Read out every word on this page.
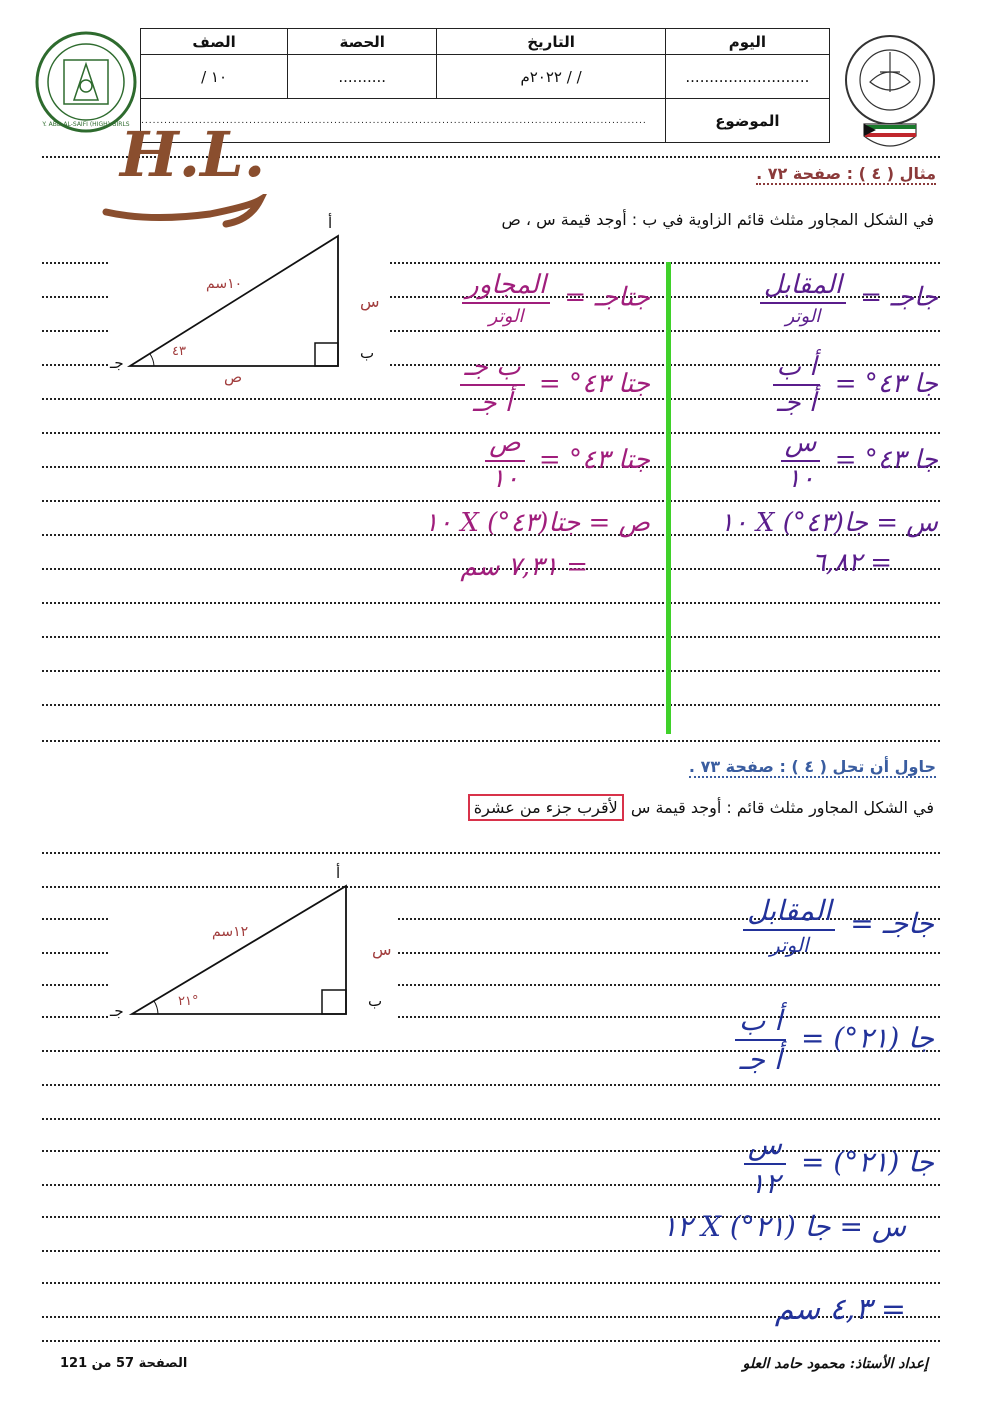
Y. ABD AL-SAIFI (HIGH) GIRLS
اليوم	التاريخ	الحصة	الصف
..........................	/ / ٢٠٢٢م	..........	١٠ /
الموضوع	...................................................................................................................................		
H.L.	مثال ( ٤ ) : صفحة ٧٢ .
في الشكل المجاور مثلث قائم الزاوية في ب : أوجد قيمة س ، ص
أ
ب
جـ
١٠سم
س
ص
٤٣
جاجـ =
$\frac{\text{المقابل}}{\text{الوتر}}$
جا ٤٣° =
$\frac{\text{أ ب}}{\text{أ جـ}}$
جا ٤٣° =
$\frac{\text{س}}{١٠}$
س = جا(٤٣°) X ١٠
= ٦,٨٢
جتاجـ =
$\frac{\text{المجاور}}{\text{الوتر}}$
جتا ٤٣° =
$\frac{\text{ب جـ}}{\text{أ جـ}}$
جتا ٤٣° =
$\frac{\text{ص}}{١٠}$
ص = جتا(٤٣°) X ١٠
= ٧,٣١ سم
حاول أن تحل ( ٤ ) : صفحة ٧٣ .
في الشكل المجاور مثلث قائم : أوجد قيمة س لأقرب جزء من عشرة
أ
ب
جـ
١٢سم
س
٢١°
جاجـ =
$\frac{\text{المقابل}}{\text{الوتر}}$
جا (٢١°) =
$\frac{\text{أ ب}}{\text{أ جـ}}$
جا (٢١°) =
$\frac{\text{س}}{١٢}$
س = جا (٢١°) X ١٢
= ٤,٣ سم
إعداد الأستاذ: محمود حامد العلو
الصفحة 57 من 121
